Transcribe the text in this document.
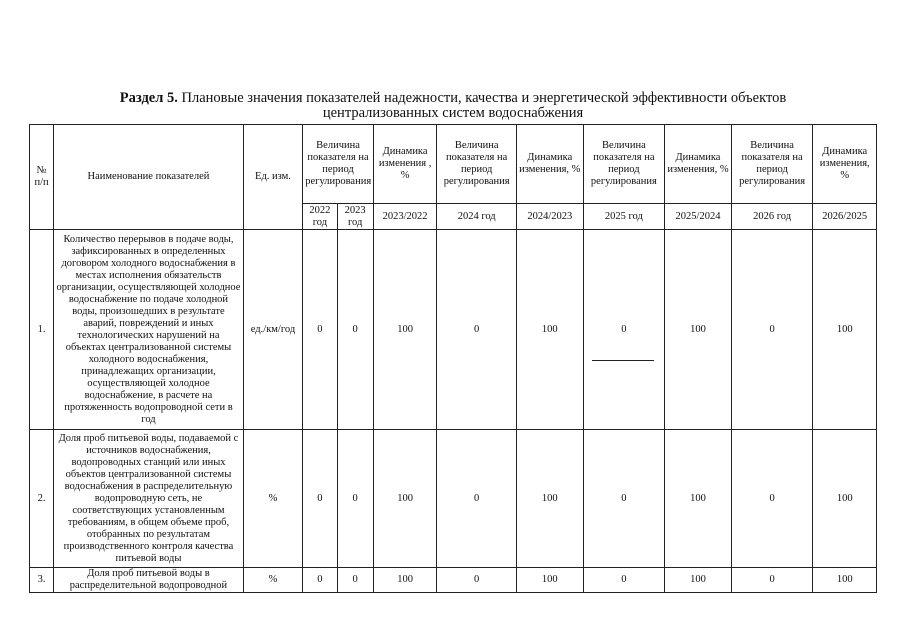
Раздел 5. Плановые значения показателей надежности, качества и энергетической эффективности объектов
централизованных систем водоснабжения
№ п/п	Наименование показателей	Ед. изм.	Величина показателя на период регулирования		Динамика изменения , %	Величина показателя на период регулирования	Динамика изменения, %	Величина показателя на период регулирования	Динамика изменения, %	Величина показателя на период регулирования	Динамика изменения, %
			2022 год	2023 год	2023/2022	2024 год	2024/2023	2025 год	2025/2024	2026 год	2026/2025
1.	Количество перерывов в подаче воды, зафиксированных в определенных договором холодного водоснабжения в местах исполнения обязательств организации, осуществляющей холодное водоснабжение по подаче холодной воды, произошедших в результате аварий, повреждений и иных технологических нарушений на объектах централизованной системы холодного водоснабжения, принадлежащих организации, осуществляющей холодное водоснабжение, в расчете на протяженность водопроводной сети в год	ед./км/год	0	0	100	0	100	0	100	0	100
2.	Доля проб питьевой воды, подаваемой с источников водоснабжения, водопроводных станций или иных объектов централизованной системы водоснабжения в распределительную водопроводную сеть, не соответствующих установленным требованиям, в общем объеме проб, отобранных по результатам производственного контроля качества питьевой воды	%	0	0	100	0	100	0	100	0	100
3.	Доля проб питьевой воды в распределительной водопроводной	%	0	0	100	0	100	0	100	0	100
